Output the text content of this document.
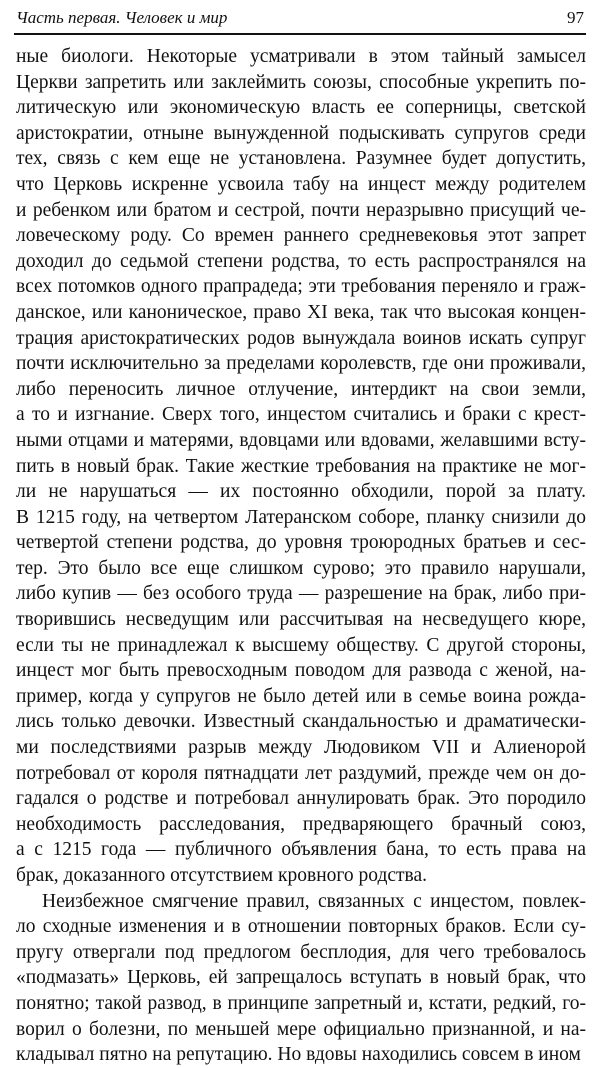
Часть первая. Человек и мир	97
ные биологи. Некоторые усматривали в этом тайный замысел
Церкви запретить или заклеймить союзы, способные укрепить по-
литическую или экономическую власть ее соперницы, светской
аристократии, отныне вынужденной подыскивать супругов среди
тех, связь с кем еще не установлена. Разумнее будет допустить,
что Церковь искренне усвоила табу на инцест между родителем
и ребенком или братом и сестрой, почти неразрывно присущий че-
ловеческому роду. Со времен раннего средневековья этот запрет
доходил до седьмой степени родства, то есть распространялся на
всех потомков одного прапрадеда; эти требования переняло и граж-
данское, или каноническое, право XI века, так что высокая концен-
трация аристократических родов вынуждала воинов искать супруг
почти исключительно за пределами королевств, где они проживали,
либо переносить личное отлучение, интердикт на свои земли,
а то и изгнание. Сверх того, инцестом считались и браки с крест-
ными отцами и матерями, вдовцами или вдовами, желавшими всту-
пить в новый брак. Такие жесткие требования на практике не мог-
ли не нарушаться — их постоянно обходили, порой за плату.
В 1215 году, на четвертом Латеранском соборе, планку снизили до
четвертой степени родства, до уровня троюродных братьев и сес-
тер. Это было все еще слишком сурово; это правило нарушали,
либо купив — без особого труда — разрешение на брак, либо при-
творившись несведущим или рассчитывая на несведущего кюре,
если ты не принадлежал к высшему обществу. С другой стороны,
инцест мог быть превосходным поводом для развода с женой, на-
пример, когда у супругов не было детей или в семье воина рожда-
лись только девочки. Известный скандальностью и драматически-
ми последствиями разрыв между Людовиком VII и Алиенорой
потребовал от короля пятнадцати лет раздумий, прежде чем он до-
гадался о родстве и потребовал аннулировать брак. Это породило
необходимость расследования, предваряющего брачный союз,
а с 1215 года — публичного объявления бана, то есть права на
брак, доказанного отсутствием кровного родства.
Неизбежное смягчение правил, связанных с инцестом, повлек-
ло сходные изменения и в отношении повторных браков. Если су-
пругу отвергали под предлогом бесплодия, для чего требовалось
«подмазать» Церковь, ей запрещалось вступать в новый брак, что
понятно; такой развод, в принципе запретный и, кстати, редкий, го-
ворил о болезни, по меньшей мере официально признанной, и на-
кладывал пятно на репутацию. Но вдовы находились совсем в ином
